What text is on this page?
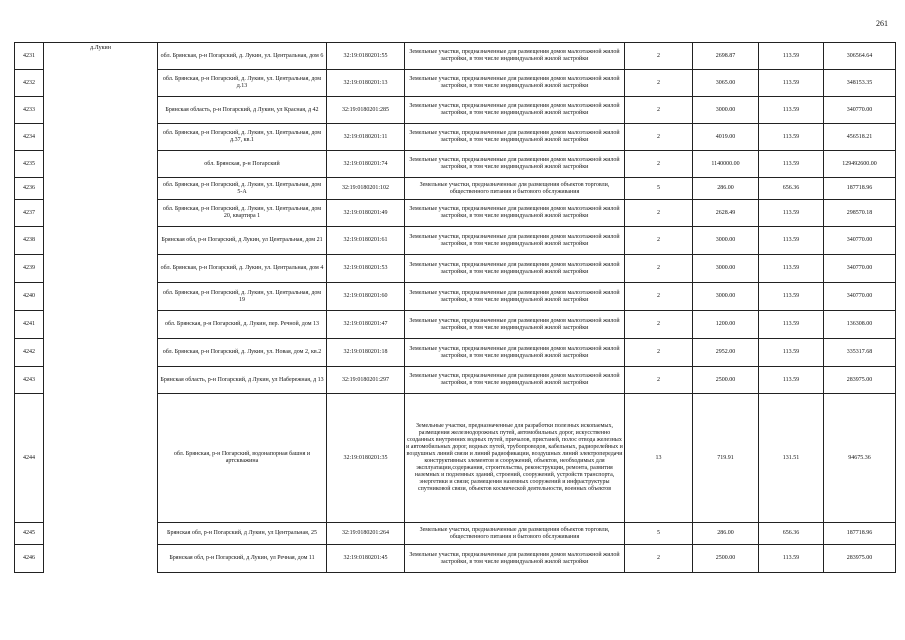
261
4231	д.Лукин	обл. Брянская, р-н Погарский, д. Лукин, ул. Центральная, дом 6	32:19:0180201:55	Земельные участки, предназначенные для размещения домов малоэтажной жилой застройки, в том числе индивидуальной жилой застройки	2	2698.87	113.59	306564.64
4232		обл. Брянская, р-н Погарский, д. Лукин, ул. Центральная, дом д.13	32:19:0180201:13	Земельные участки, предназначенные для размещения домов малоэтажной жилой застройки, в том числе индивидуальной жилой застройки	2	3065.00	113.59	348153.35
4233		Брянская область, р-н Погарский, д Лукин, ул Красная, д 42	32:19:0180201:285	Земельные участки, предназначенные для размещения домов малоэтажной жилой застройки, в том числе индивидуальной жилой застройки	2	3000.00	113.59	340770.00
4234		обл. Брянская, р-н Погарский, д. Лукин, ул. Центральная, дом д.37, кв.1	32:19:0180201:11	Земельные участки, предназначенные для размещения домов малоэтажной жилой застройки, в том числе индивидуальной жилой застройки	2	4019.00	113.59	456518.21
4235		обл. Брянская, р-н Погарский	32:19:0180201:74	Земельные участки, предназначенные для размещения домов малоэтажной жилой застройки, в том числе индивидуальной жилой застройки	2	1140000.00	113.59	129492600.00
4236		обл. Брянская, р-н Погарский, д. Лукин, ул. Центральная, дом 5-А	32:19:0180201:102	Земельные участки, предназначенные для размещения объектов торговли, общественного питания и бытового обслуживания	5	286.00	656.36	187718.96
4237		обл. Брянская, р-н Погарский, д. Лукин, ул. Центральная, дом 20, квартира 1	32:19:0180201:49	Земельные участки, предназначенные для размещения домов малоэтажной жилой застройки, в том числе индивидуальной жилой застройки	2	2628.49	113.59	298570.18
4238		Брянская обл, р-н Погарский, д Лукин, ул Центральная, дом 21	32:19:0180201:61	Земельные участки, предназначенные для размещения домов малоэтажной жилой застройки, в том числе индивидуальной жилой застройки	2	3000.00	113.59	340770.00
4239		обл. Брянская, р-н Погарский, д. Лукин, ул. Центральная, дом 4	32:19:0180201:53	Земельные участки, предназначенные для размещения домов малоэтажной жилой застройки, в том числе индивидуальной жилой застройки	2	3000.00	113.59	340770.00
4240		обл. Брянская, р-н Погарский, д. Лукин, ул. Центральная, дом 19	32:19:0180201:60	Земельные участки, предназначенные для размещения домов малоэтажной жилой застройки, в том числе индивидуальной жилой застройки	2	3000.00	113.59	340770.00
4241		обл. Брянская, р-н Погарский, д. Лукин, пер. Речной, дом 13	32:19:0180201:47	Земельные участки, предназначенные для размещения домов малоэтажной жилой застройки, в том числе индивидуальной жилой застройки	2	1200.00	113.59	136308.00
4242		обл. Брянская, р-н Погарский, д. Лукин, ул. Новая, дом 2, кв.2	32:19:0180201:18	Земельные участки, предназначенные для размещения домов малоэтажной жилой застройки, в том числе индивидуальной жилой застройки	2	2952.00	113.59	335317.68
4243		Брянская область, р-н Погарский, д Лукин, ул Набережная, д 13	32:19:0180201:297	Земельные участки, предназначенные для размещения домов малоэтажной жилой застройки, в том числе индивидуальной жилой застройки	2	2500.00	113.59	283975.00
4244		обл. Брянская, р-н Погарский, водонапорная башня и артскважина	32:19:0180201:35	Земельные участки, предназначенные для разработки полезных ископаемых, размещения железнодорожных путей, автомобильных дорог, искусственно созданных внутренних водных путей, причалов, пристаней, полос отвода железных и автомобильных дорог, водных путей, трубопроводов, кабельных, радиорелейных и воздушных линий связи и линий радиофикации, воздушных линий электропередачи конструктивных элементов и сооружений, объектов, необходимых для эксплуатации,содержания, строительства, реконструкции, ремонта, развития наземных и подземных зданий, строений, сооружений, устройств транспорта, энергетики и связи; размещения наземных сооружений и инфраструктуры спутниковой связи, объектов космической деятельности, военных объектов	13	719.91	131.51	94675.36
4245		Брянская обл, р-н Погарский, д Лукин, ул Центральная, 25	32:19:0180201:264	Земельные участки, предназначенные для размещения объектов торговли, общественного питания и бытового обслуживания	5	286.00	656.36	187718.96
4246		Брянская обл, р-н Погарский, д Лукин, ул Речная, дом 11	32:19:0180201:45	Земельные участки, предназначенные для размещения домов малоэтажной жилой застройки, в том числе индивидуальной жилой застройки	2	2500.00	113.59	283975.00
